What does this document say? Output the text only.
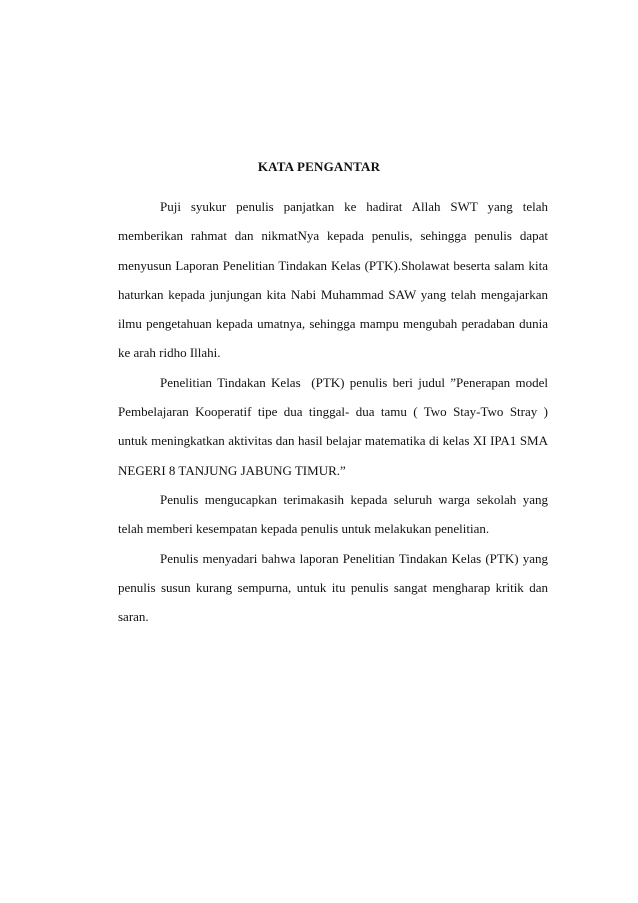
KATA PENGANTAR
Puji syukur penulis panjatkan ke hadirat Allah SWT yang telah
memberikan rahmat dan nikmatNya kepada penulis, sehingga penulis dapat
menyusun Laporan Penelitian Tindakan Kelas (PTK).Sholawat beserta salam kita
haturkan kepada junjungan kita Nabi Muhammad SAW yang telah mengajarkan
ilmu pengetahuan kepada umatnya, sehingga mampu mengubah peradaban dunia
ke arah ridho Illahi.
Penelitian Tindakan Kelas  (PTK) penulis beri judul ”Penerapan model
Pembelajaran Kooperatif tipe dua tinggal- dua tamu ( Two Stay-Two Stray )
untuk meningkatkan aktivitas dan hasil belajar matematika di kelas XI IPA1 SMA
NEGERI 8 TANJUNG JABUNG TIMUR.”
Penulis mengucapkan terimakasih kepada seluruh warga sekolah yang
telah memberi kesempatan kepada penulis untuk melakukan penelitian.
Penulis menyadari bahwa laporan Penelitian Tindakan Kelas (PTK) yang
penulis susun kurang sempurna, untuk itu penulis sangat mengharap kritik dan
saran.
